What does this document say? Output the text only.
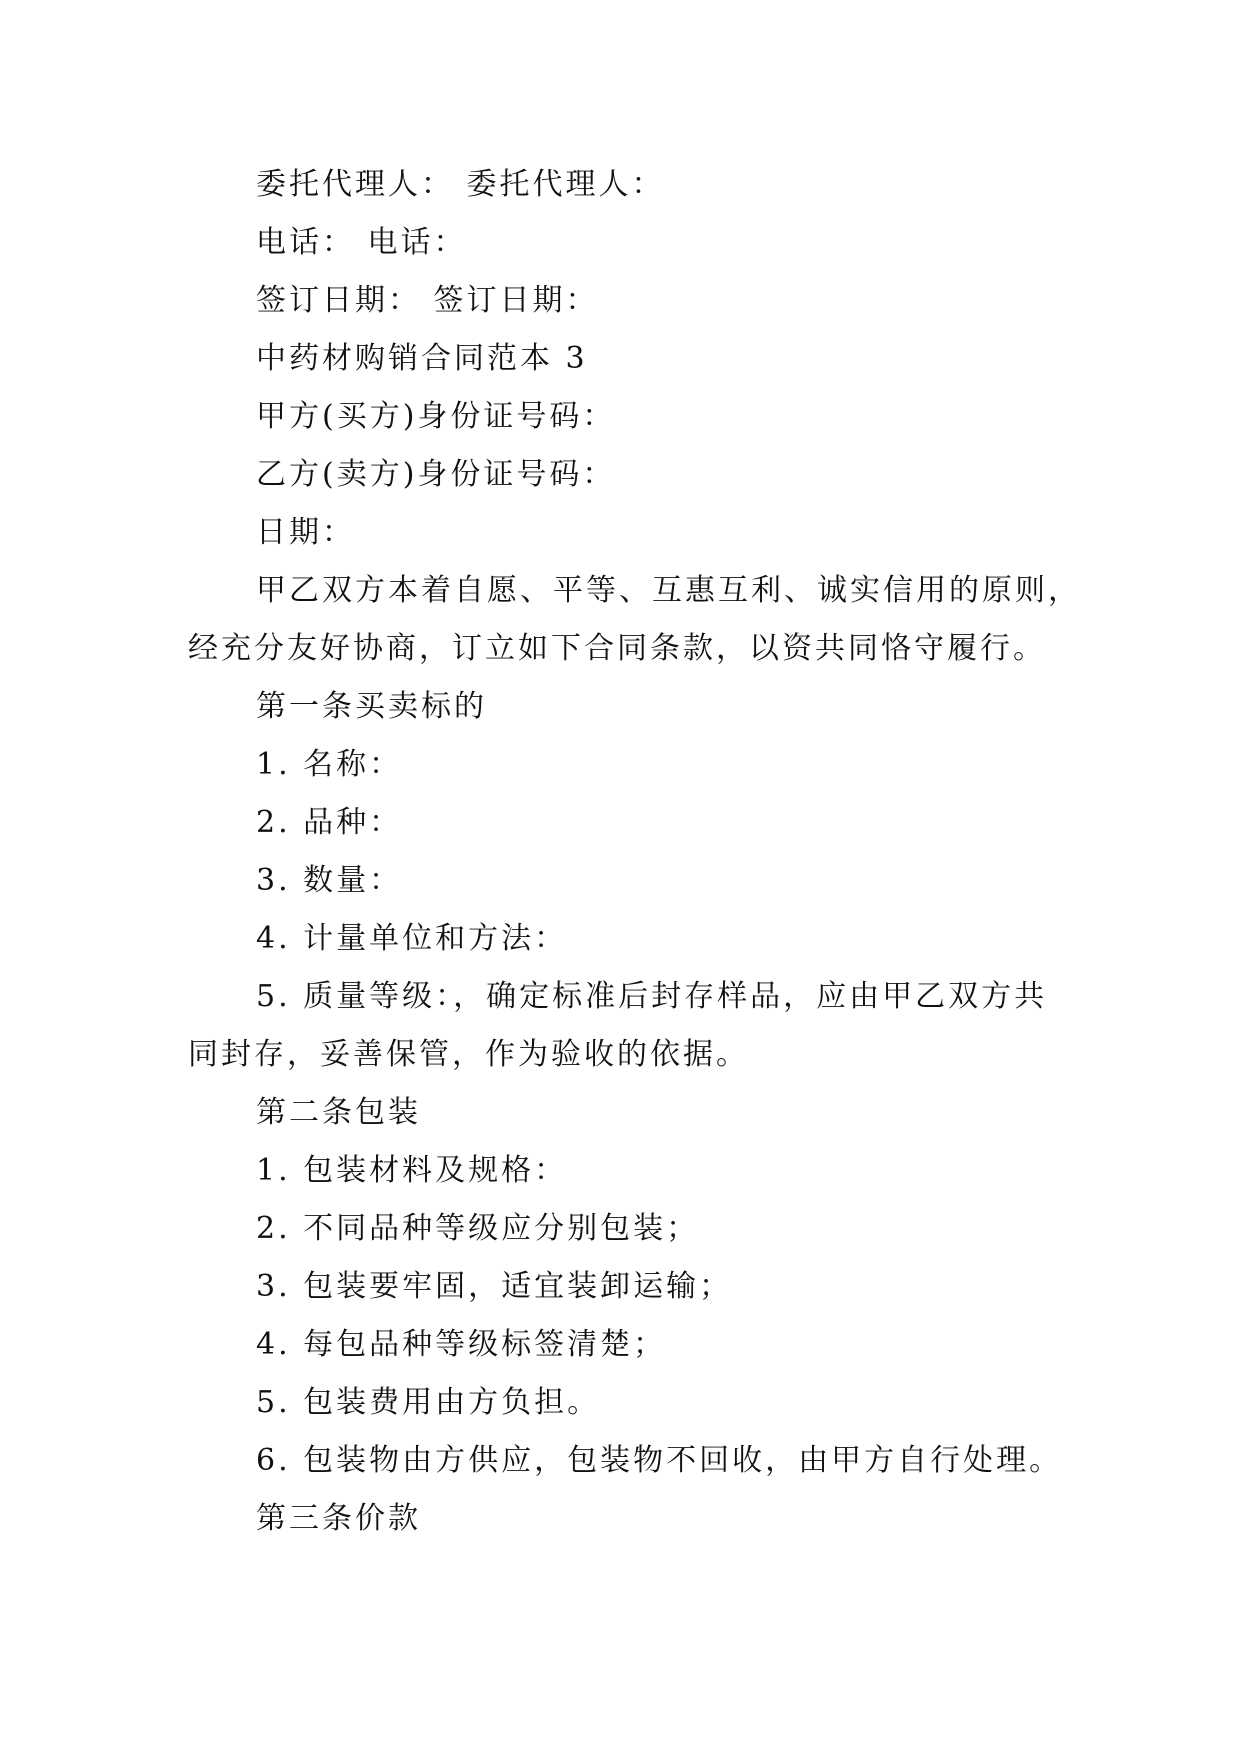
委托代理人： 委托代理人：
电话： 电话：
签订日期： 签订日期：
中药材购销合同范本 3
甲方(买方)身份证号码：
乙方(卖方)身份证号码：
日期：
甲乙双方本着自愿、平等、互惠互利、诚实信用的原则，
经充分友好协商，订立如下合同条款，以资共同恪守履行。
第一条买卖标的
1. 名称：
2. 品种：
3. 数量：
4. 计量单位和方法：
5. 质量等级：，确定标准后封存样品，应由甲乙双方共
同封存，妥善保管，作为验收的依据。
第二条包装
1. 包装材料及规格：
2. 不同品种等级应分别包装；
3. 包装要牢固，适宜装卸运输；
4. 每包品种等级标签清楚；
5. 包装费用由方负担。
6. 包装物由方供应，包装物不回收，由甲方自行处理。
第三条价款
